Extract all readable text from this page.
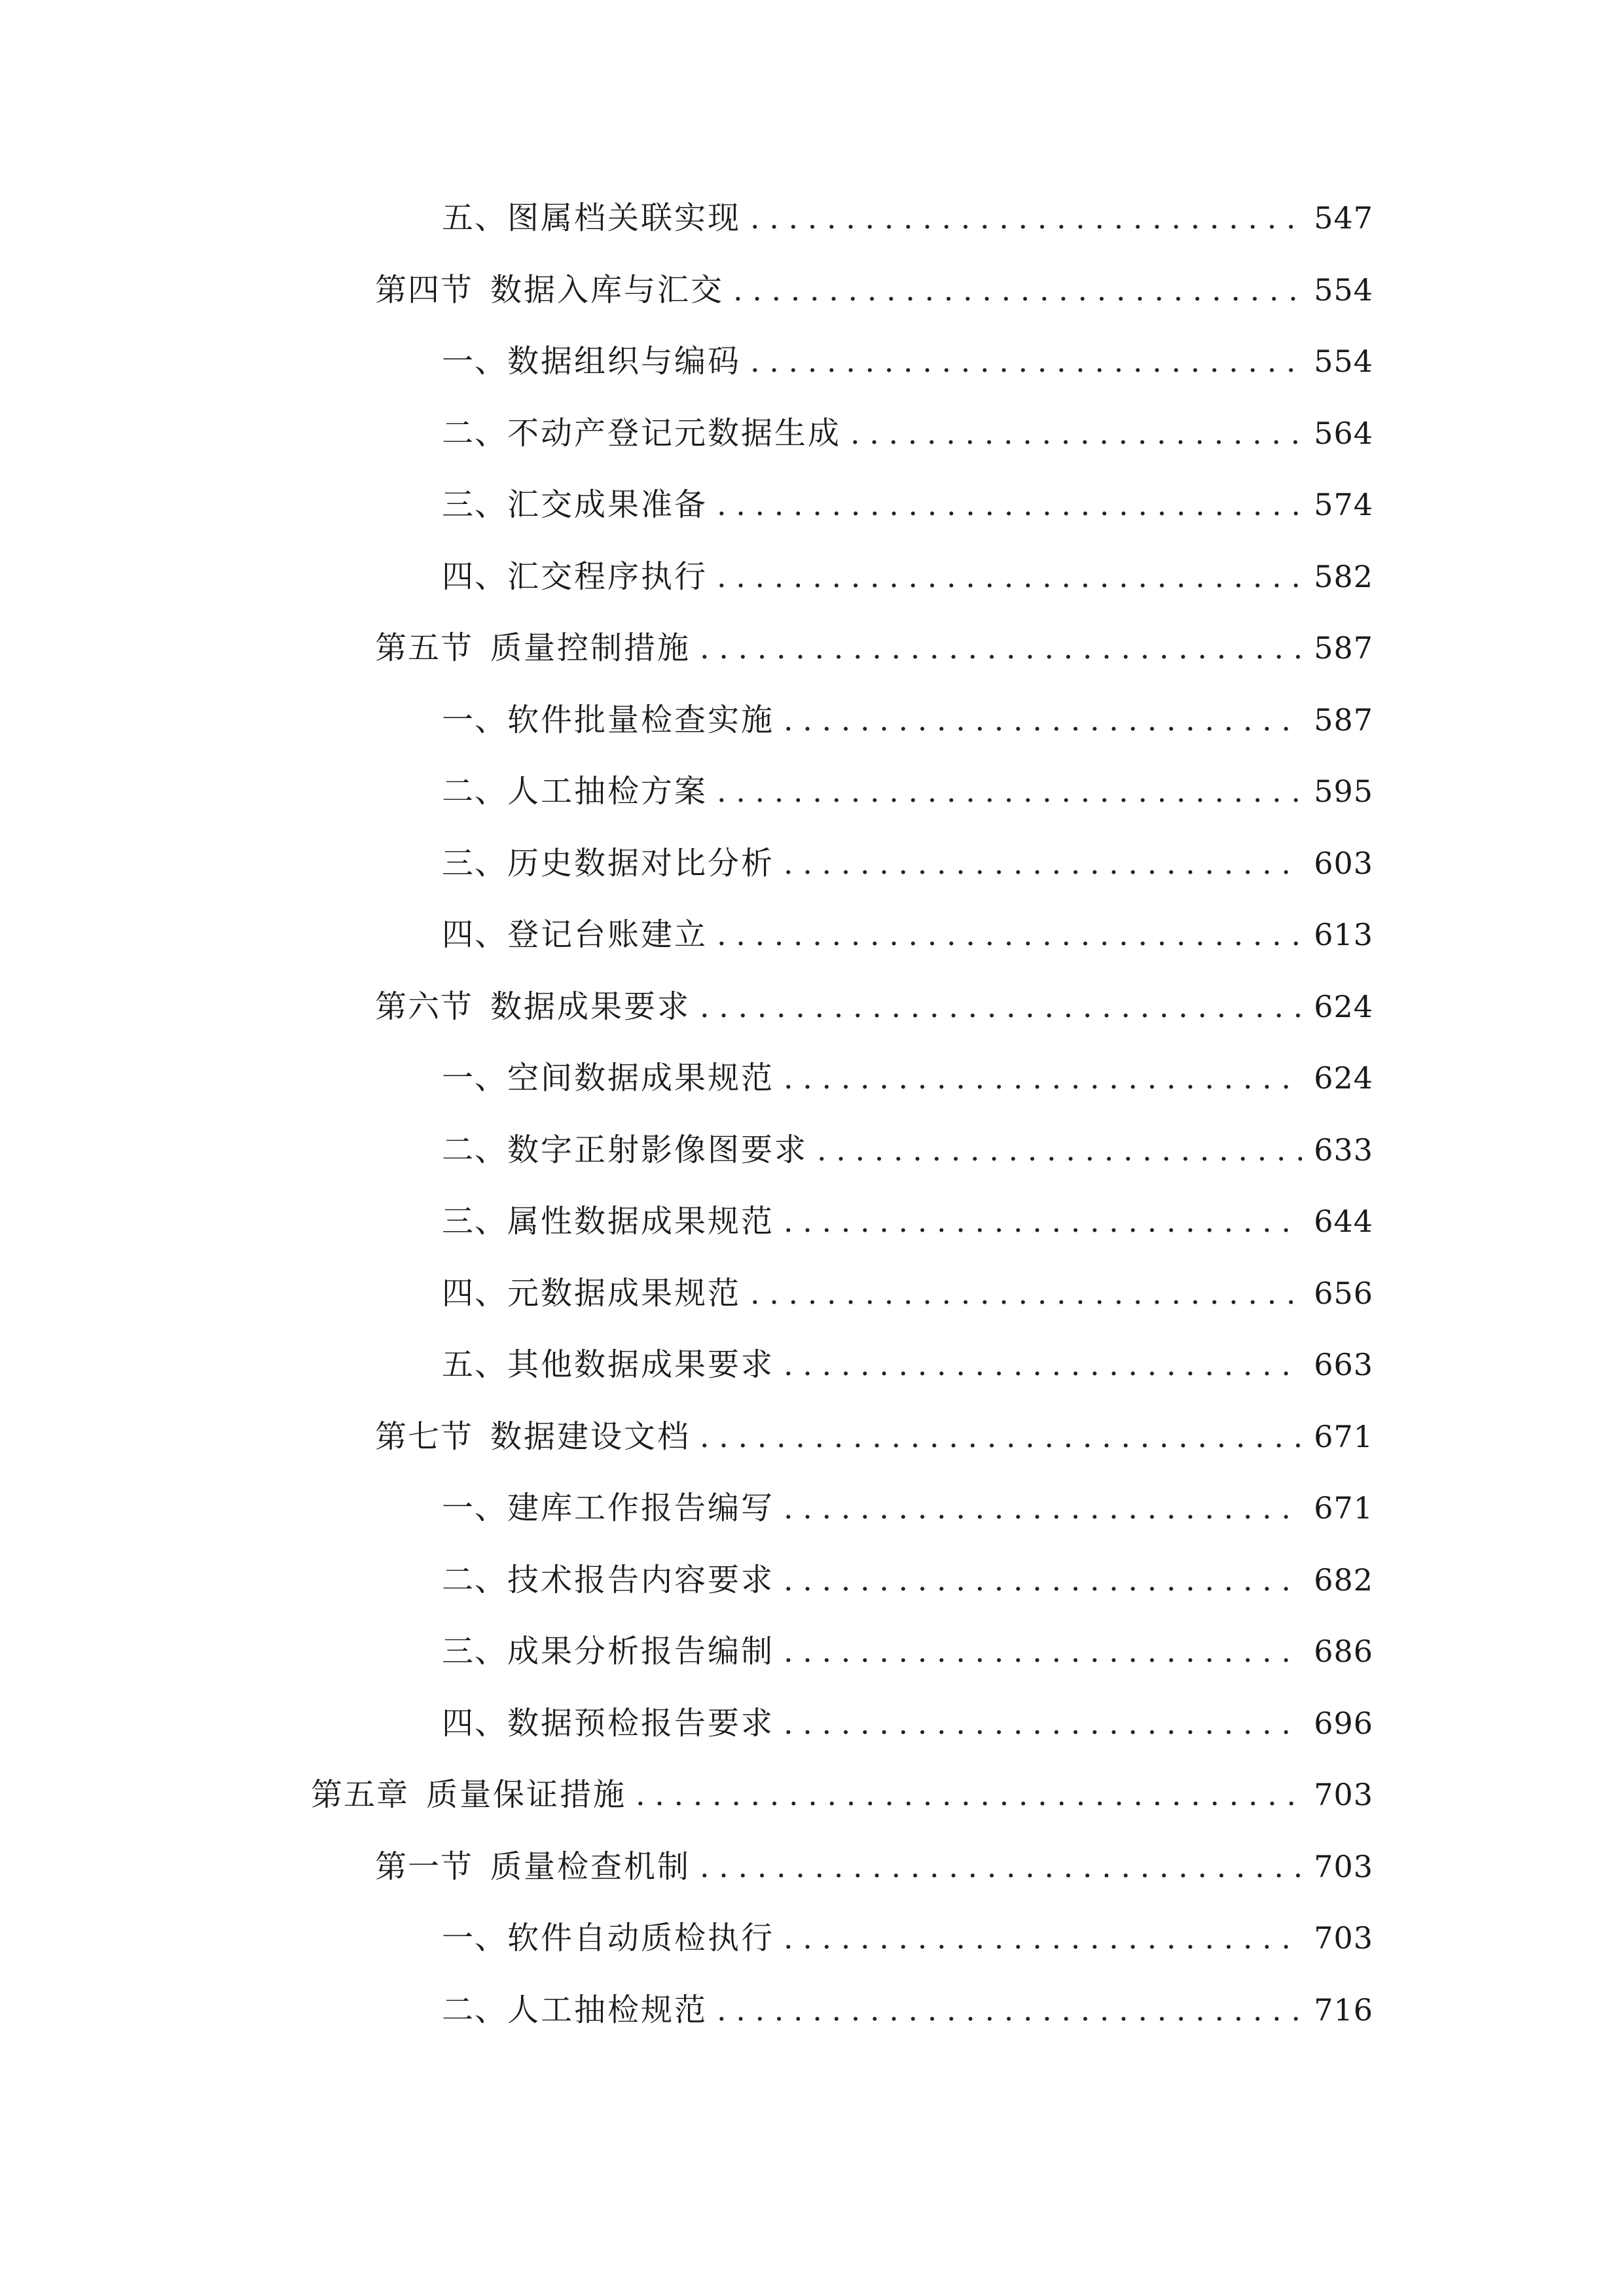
五、 图属档关联实现 . . .	547
第四节 数据入库与汇交 . . .	554
一、 数据组织与编码 . . .	554
二、 不动产登记元数据生成 . . .	564
三、 汇交成果准备 . . .	574
四、 汇交程序执行 . . .	582
第五节 质量控制措施 . . .	587
一、 软件批量检查实施 . . .	587
二、 人工抽检方案 . . .	595
三、 历史数据对比分析 . . .	603
四、 登记台账建立 . . .	613
第六节 数据成果要求 . . .	624
一、 空间数据成果规范 . . .	624
二、 数字正射影像图要求 . . .	633
三、 属性数据成果规范 . . .	644
四、 元数据成果规范 . . .	656
五、 其他数据成果要求 . . .	663
第七节 数据建设文档 . . .	671
一、 建库工作报告编写 . . .	671
二、 技术报告内容要求 . . .	682
三、 成果分析报告编制 . . .	686
四、 数据预检报告要求 . . .	696
第五章 质量保证措施 . . .	703
第一节 质量检查机制 . . .	703
一、 软件自动质检执行 . . .	703
二、 人工抽检规范 . . .	716
